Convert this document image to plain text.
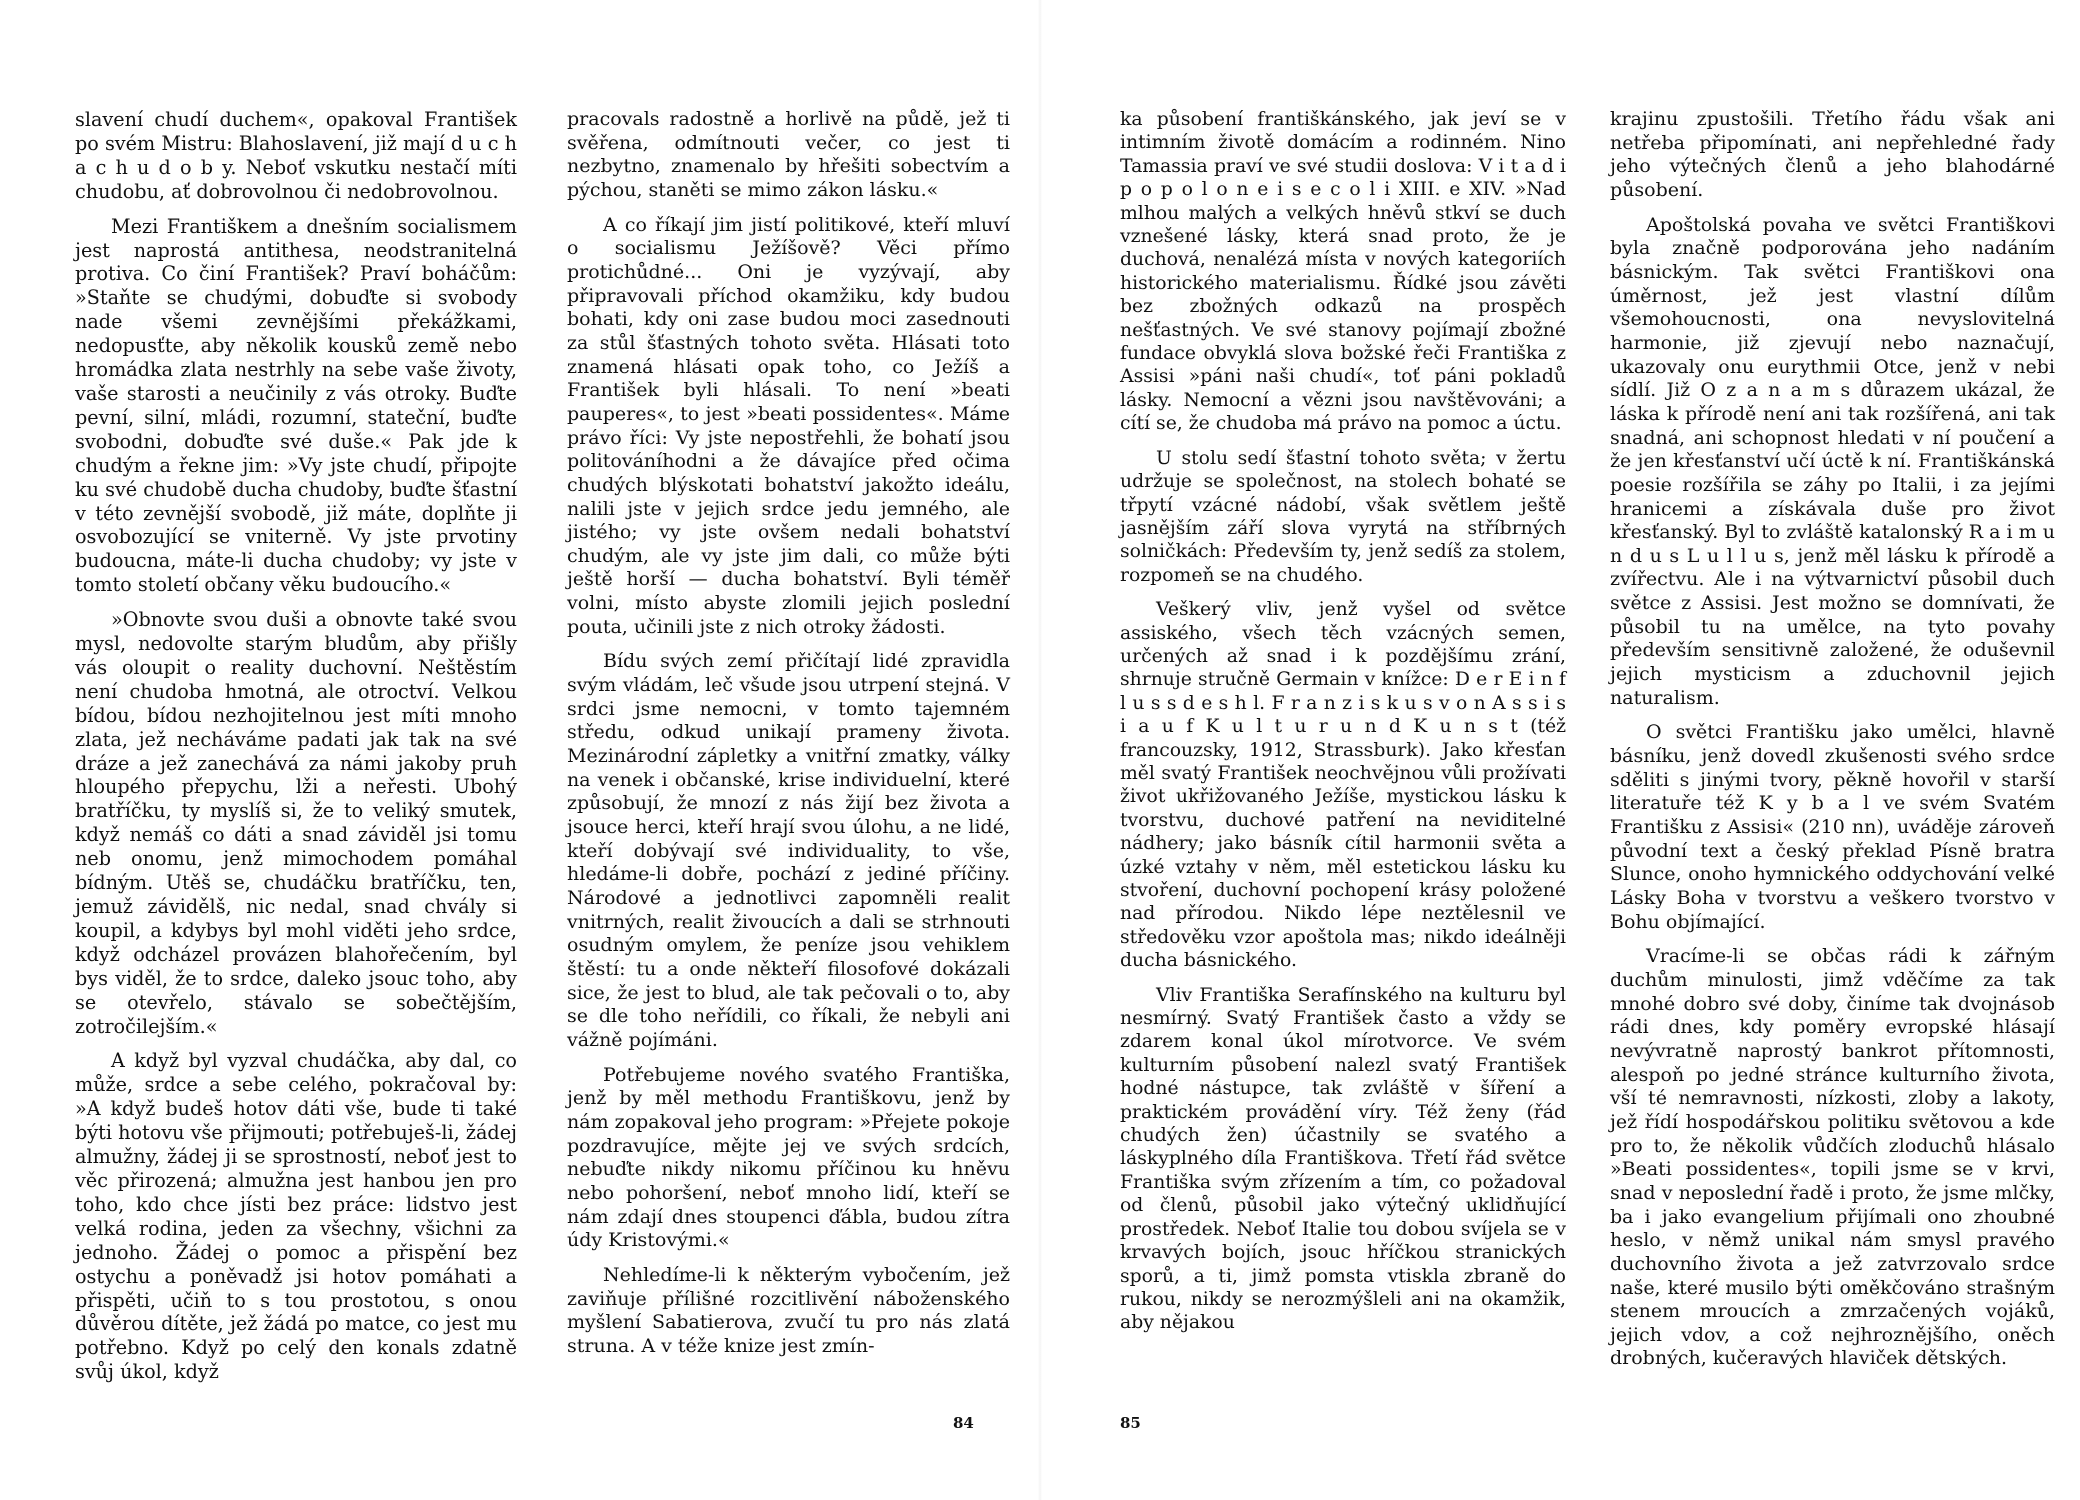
slavení chudí duchem«, opakoval František po svém Mistru: Blahoslavení, již mají d u c h a c h u d o b y. Neboť vskutku nestačí míti chudobu, ať dobrovolnou či nedobrovolnou.

Mezi Františkem a dnešním socialismem jest naprostá antithesa, neodstranitelná protiva. Co činí František? Praví boháčům: »Staňte se chudými, dobuďte si svobody nade všemi zevnějšími překážkami, nedopusťte, aby několik kousků země nebo hromádka zlata nestrhly na sebe vaše životy, vaše starosti a neučinily z vás otroky. Buďte pevní, silní, mládi, rozumní, stateční, buďte svobodni, dobuďte své duše.« Pak jde k chudým a řekne jim: »Vy jste chudí, připojte ku své chudobě ducha chudoby, buďte šťastní v této zevnější svobodě, již máte, doplňte ji osvobozující se vniterně. Vy jste prvotiny budoucna, máte-li ducha chudoby; vy jste v tomto století občany věku budoucího.«

»Obnovte svou duši a obnovte také svou mysl, nedovolte starým bludům, aby přišly vás oloupit o reality duchovní. Neštěstím není chudoba hmotná, ale otroctví. Velkou bídou, bídou nezhojitelnou jest míti mnoho zlata, jež necháváme padati jak tak na své dráze a jež zanechává za námi jakoby pruh hloupého přepychu, lži a neřesti. Ubohý bratříčku, ty myslíš si, že to veliký smutek, když nemáš co dáti a snad záviděl jsi tomu neb onomu, jenž mimochodem pomáhal bídným. Utěš se, chudáčku bratříčku, ten, jemuž závidělš, nic nedal, snad chvály si koupil, a kdybys byl mohl viděti jeho srdce, když odcházel provázen blahořečením, byl bys viděl, že to srdce, daleko jsouc toho, aby se otevřelo, stávalo se sobečtějším, zotročilejším.«

A když byl vyzval chudáčka, aby dal, co může, srdce a sebe celého, pokračoval by: »A když budeš hotov dáti vše, bude ti také býti hotovu vše přijmouti; potřebuješ-li, žádej almužny, žádej ji se sprostností, neboť jest to věc přirozená; almužna jest hanbou jen pro toho, kdo chce jísti bez práce: lidstvo jest velká rodina, jeden za všechny, všichni za jednoho. Žádej o pomoc a přispění bez ostychu a poněvadž jsi hotov pomáhati a přispěti, učiň to s tou prostotou, s onou důvěrou dítěte, jež žádá po matce, co jest mu potřebno. Když po celý den konals zdatně svůj úkol, když

pracovals radostně a horlivě na půdě, jež ti svěřena, odmítnouti večer, co jest ti nezbytno, znamenalo by hřešiti sobectvím a pýchou, staněti se mimo zákon lásku.«

A co říkají jim jistí politikové, kteří mluví o socialismu Ježíšově? Věci přímo protichůdné... Oni je vyzývají, aby připravovali příchod okamžiku, kdy budou bohati, kdy oni zase budou moci zasednouti za stůl šťastných tohoto světa. Hlásati toto znamená hlásati opak toho, co Ježíš a František byli hlásali. To není »beati pauperes«, to jest »beati possidentes«. Máme právo říci: Vy jste nepostřehli, že bohatí jsou politováníhodni a že dávajíce před očima chudých blýskotati bohatství jakožto ideálu, nalili jste v jejich srdce jedu jemného, ale jistého; vy jste ovšem nedali bohatství chudým, ale vy jste jim dali, co může býti ještě horší — ducha bohatství. Byli téměř volni, místo abyste zlomili jejich poslední pouta, učinili jste z nich otroky žádosti.

Bídu svých zemí přičítají lidé zpravidla svým vládám, leč všude jsou utrpení stejná. V srdci jsme nemocni, v tomto tajemném středu, odkud unikají prameny života. Mezinárodní zápletky a vnitřní zmatky, války na venek i občanské, krise individuelní, které způsobují, že mnozí z nás žijí bez života a jsouce herci, kteří hrají svou úlohu, a ne lidé, kteří dobývají své individuality, to vše, hledáme-li dobře, pochází z jediné příčiny. Národové a jednotlivci zapomněli realit vnitrných, realit živoucích a dali se strhnouti osudným omylem, že peníze jsou vehiklem štěstí: tu a onde někteří filosofové dokázali sice, že jest to blud, ale tak pečovali o to, aby se dle toho neřídili, co říkali, že nebyli ani vážně pojímáni.

Potřebujeme nového svatého Františka, jenž by měl methodu Františkovu, jenž by nám zopakoval jeho program: »Přejete pokoje pozdravujíce, mějte jej ve svých srdcích, nebuďte nikdy nikomu příčinou ku hněvu nebo pohoršení, neboť mnoho lidí, kteří se nám zdají dnes stoupenci ďábla, budou zítra údy Kristovými.«

Nehledíme-li k některým vybočením, jež zaviňuje přílišné rozcitlivění náboženského myšlení Sabatierova, zvučí tu pro nás zlatá struna. A v téže knize jest zmín-

84

ka působení františkánského, jak jeví se v intimním životě domácím a rodinném. Nino Tamassia praví ve své studii doslova: V i t a d i p o p o l o n e i s e c o l i XIII. e XIV. »Nad mlhou malých a velkých hněvů stkví se duch vznešené lásky, která snad proto, že je duchová, nenalézá místa v nových kategoriích historického materialismu. Řídké jsou závěti bez zbožných odkazů na prospěch nešťastných. Ve své stanovy pojímají zbožné fundace obvyklá slova božské řeči Františka z Assisi »páni naši chudí«, toť páni pokladů lásky. Nemocní a vězni jsou navštěvováni; a cítí se, že chudoba má právo na pomoc a úctu.

U stolu sedí šťastní tohoto světa; v žertu udržuje se společnost, na stolech bohaté se třpytí vzácné nádobí, však světlem ještě jasnějším září slova vyrytá na stříbrných solničkách: Především ty, jenž sedíš za stolem, rozpomeň se na chudého.

Veškerý vliv, jenž vyšel od světce assiského, všech těch vzácných semen, určených až snad i k pozdějšímu zrání, shrnuje stručně Germain v knížce: D e r E i n f l u s s d e s h l. F r a n z i s k u s v o n A s s i s i a u f K u l t u r u n d K u n s t (též francouzsky, 1912, Strassburk). Jako křesťan měl svatý František neochvějnou vůli prožívati život ukřižovaného Ježíše, mystickou lásku k tvorstvu, duchové patření na neviditelné nádhery; jako básník cítil harmonii světa a úzké vztahy v něm, měl estetickou lásku ku stvoření, duchovní pochopení krásy položené nad přírodou. Nikdo lépe neztělesnil ve středověku vzor apoštola mas; nikdo ideálněji ducha básnického.

Vliv Františka Serafínského na kulturu byl nesmírný. Svatý František často a vždy se zdarem konal úkol mírotvorce. Ve svém kulturním působení nalezl svatý František hodné nástupce, tak zvláště v šíření a praktickém provádění víry. Též ženy (řád chudých žen) účastnily se svatého a láskyplného díla Františkova. Třetí řád světce Františka svým zřízením a tím, co požadoval od členů, působil jako výtečný uklidňující prostředek. Neboť Italie tou dobou svíjela se v krvavých bojích, jsouc hříčkou stranických sporů, a ti, jimž pomsta vtiskla zbraně do rukou, nikdy se nerozmýšleli ani na okamžik, aby nějakou

krajinu zpustošili. Třetího řádu však ani netřeba připomínati, ani nepřehledné řady jeho výtečných členů a jeho blahodárné působení.

Apoštolská povaha ve světci Františkovi byla značně podporována jeho nadáním básnickým. Tak světci Františkovi ona úměrnost, jež jest vlastní dílům všemohoucnosti, ona nevyslovitelná harmonie, již zjevují nebo naznačují, ukazovaly onu eurythmii Otce, jenž v nebi sídlí. Již O z a n a m s důrazem ukázal, že láska k přírodě není ani tak rozšířená, ani tak snadná, ani schopnost hledati v ní poučení a že jen křesťanství učí úctě k ní. Františkánská poesie rozšířila se záhy po Italii, i za jejími hranicemi a získávala duše pro život křesťanský. Byl to zvláště katalonský R a i m u n d u s L u l l u s, jenž měl lásku k přírodě a zvířectvu. Ale i na výtvarnictví působil duch světce z Assisi. Jest možno se domnívati, že působil tu na umělce, na tyto povahy především sensitivně založené, že oduševnil jejich mysticism a zduchovnil jejich naturalism.

O světci Františku jako umělci, hlavně básníku, jenž dovedl zkušenosti svého srdce sděliti s jinými tvory, pěkně hovořil v starší literatuře též K y b a l ve svém Svatém Františku z Assisi« (210 nn), uváděje zároveň původní text a český překlad Písně bratra Slunce, onoho hymnického oddychování velké Lásky Boha v tvorstvu a veškero tvorstvo v Bohu objímající.

Vracíme-li se občas rádi k zářným duchům minulosti, jimž vděčíme za tak mnohé dobro své doby, činíme tak dvojnásob rádi dnes, kdy poměry evropské hlásají nevývratně naprostý bankrot přítomnosti, alespoň po jedné stránce kulturního života, vší té nemravnosti, nízkosti, zloby a lakoty, jež řídí hospodářskou politiku světovou a kde pro to, že několik vůdčích zloduchů hlásalo »Beati possidentes«, topili jsme se v krvi, snad v neposlední řadě i proto, že jsme mlčky, ba i jako evangelium přijímali ono zhoubné heslo, v němž unikal nám smysl pravého duchovního života a jež zatvrzovalo srdce naše, které musilo býti oměkčováno strašným stenem mroucích a zmrzačených vojáků, jejich vdov, a což nejhroznějšího, oněch drobných, kučeravých hlaviček dětských.

85
